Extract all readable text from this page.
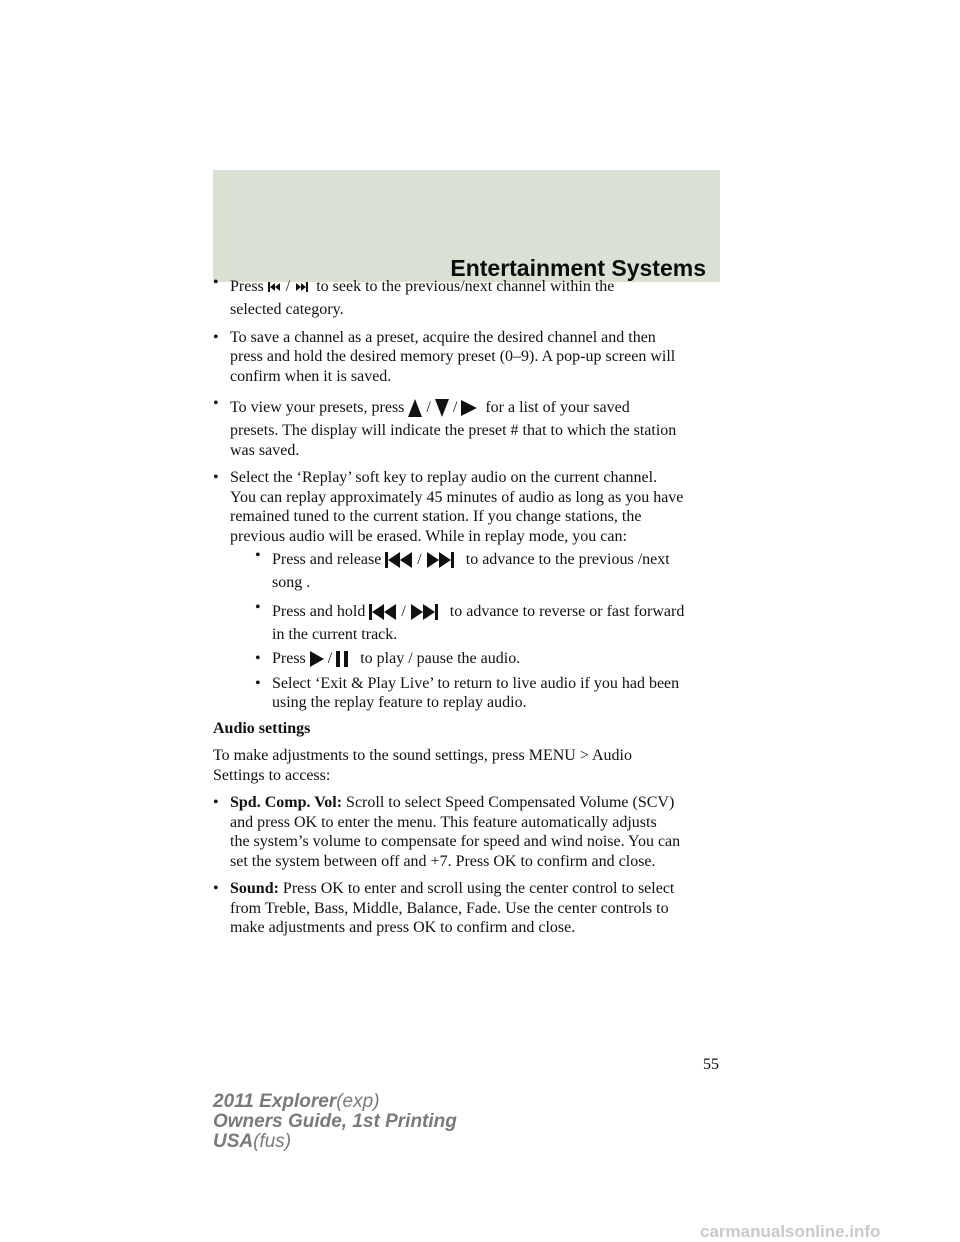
Entertainment Systems
• Press / to seek to the previous/next channel within the
selected category.
• To save a channel as a preset, acquire the desired channel and then
press and hold the desired memory preset (0–9). A pop-up screen will
confirm when it is saved.
• To view your presets, press / / for a list of your saved
presets. The display will indicate the preset # that to which the station
was saved.
• Select the ‘Replay’ soft key to replay audio on the current channel.
You can replay approximately 45 minutes of audio as long as you have
remained tuned to the current station. If you change stations, the
previous audio will be erased. While in replay mode, you can:
• Press and release /	to advance to the previous /next
song .
• Press and hold /	to advance to reverse or fast forward
in the current track.
• Press / to play / pause the audio.
• Select ‘Exit & Play Live’ to return to live audio if you had been
using the replay feature to replay audio.
Audio settings
To make adjustments to the sound settings, press MENU > Audio
Settings to access:
• Spd. Comp. Vol: Scroll to select Speed Compensated Volume (SCV)
and press OK to enter the menu. This feature automatically adjusts
the system’s volume to compensate for speed and wind noise. You can
set the system between off and +7. Press OK to confirm and close.
• Sound: Press OK to enter and scroll using the center control to select
from Treble, Bass, Middle, Balance, Fade. Use the center controls to
make adjustments and press OK to confirm and close.
55
2011 Explorer(exp)
Owners Guide, 1st Printing
USA(fus)
carmanualsonline.info
